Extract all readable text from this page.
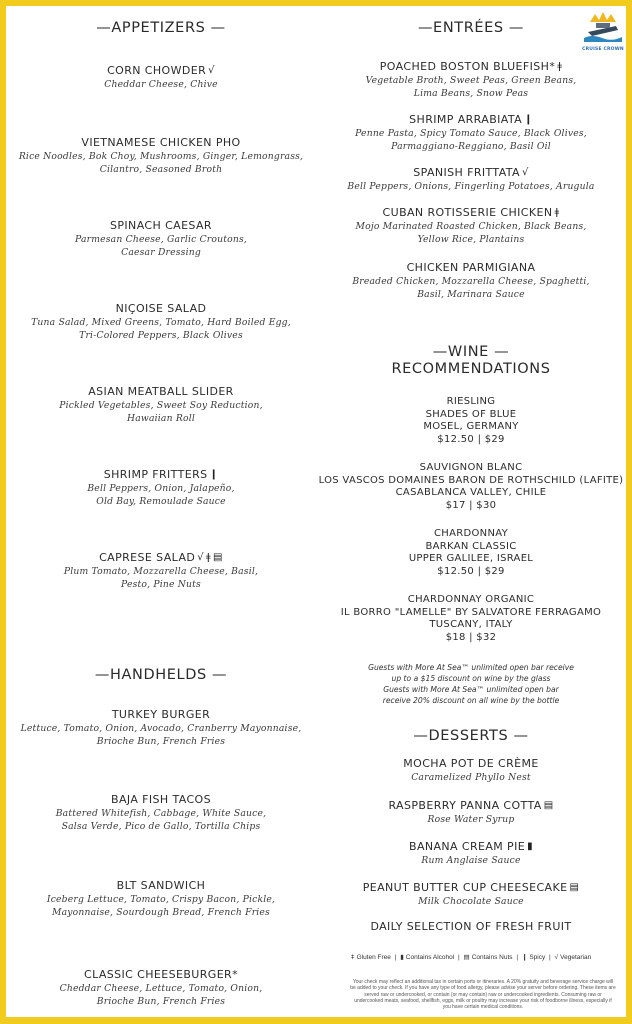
—APPETIZERS —
CORN CHOWDER √
Cheddar Cheese, Chive
VIETNAMESE CHICKEN PHO
Rice Noodles, Bok Choy, Mushrooms, Ginger, Lemongrass,
Cilantro, Seasoned Broth
SPINACH CAESAR
Parmesan Cheese, Garlic Croutons,
Caesar Dressing
NIÇOISE SALAD
Tuna Salad, Mixed Greens, Tomato, Hard Boiled Egg,
Tri-Colored Peppers, Black Olives
ASIAN MEATBALL SLIDER
Pickled Vegetables, Sweet Soy Reduction,
Hawaiian Roll
SHRIMP FRITTERS ❙
Bell Peppers, Onion, Jalapeño,
Old Bay, Remoulade Sauce
CAPRESE SALAD √ ǂ ▤
Plum Tomato, Mozzarella Cheese, Basil,
Pesto, Pine Nuts
—HANDHELDS —
TURKEY BURGER
Lettuce, Tomato, Onion, Avocado, Cranberry Mayonnaise,
Brioche Bun, French Fries
BAJA FISH TACOS
Battered Whitefish, Cabbage, White Sauce,
Salsa Verde, Pico de Gallo, Tortilla Chips
BLT SANDWICH
Iceberg Lettuce, Tomato, Crispy Bacon, Pickle,
Mayonnaise, Sourdough Bread, French Fries
CLASSIC CHEESEBURGER*
Cheddar Cheese, Lettuce, Tomato, Onion,
Brioche Bun, French Fries
—ENTRÉES —
POACHED BOSTON BLUEFISH* ǂ
Vegetable Broth, Sweet Peas, Green Beans,
Lima Beans, Snow Peas
SHRIMP ARRABIATA ❙
Penne Pasta, Spicy Tomato Sauce, Black Olives,
Parmaggiano-Reggiano, Basil Oil
SPANISH FRITTATA √
Bell Peppers, Onions, Fingerling Potatoes, Arugula
CUBAN ROTISSERIE CHICKEN ǂ
Mojo Marinated Roasted Chicken, Black Beans,
Yellow Rice, Plantains
CHICKEN PARMIGIANA
Breaded Chicken, Mozzarella Cheese, Spaghetti,
Basil, Marinara Sauce
—WINE —
RECOMMENDATIONS
RIESLING
SHADES OF BLUE
MOSEL, GERMANY
$12.50 | $29
SAUVIGNON BLANC
LOS VASCOS DOMAINES BARON DE ROTHSCHILD (LAFITE)
CASABLANCA VALLEY, CHILE
$17 | $30
CHARDONNAY
BARKAN CLASSIC
UPPER GALILEE, ISRAEL
$12.50 | $29
CHARDONNAY ORGANIC
IL BORRO "LAMELLE" BY SALVATORE FERRAGAMO
TUSCANY, ITALY
$18 | $32
Guests with More At Sea™ unlimited open bar receive
up to a $15 discount on wine by the glass
Guests with More At Sea™ unlimited open bar
receive 20% discount on all wine by the bottle
—DESSERTS —
MOCHA POT DE CRÈME
Caramelized Phyllo Nest
RASPBERRY PANNA COTTA ▤
Rose Water Syrup
BANANA CREAM PIE ▮
Rum Anglaise Sauce
PEANUT BUTTER CUP CHEESECAKE ▤
Milk Chocolate Sauce
DAILY SELECTION OF FRESH FRUIT
ǂ Gluten Free | ▮ Contains Alcohol | ▤ Contains Nuts | ❙ Spicy | √ Vegetarian
Your check may reflect an additional tax in certain ports or itineraries. A 20% gratuity and beverage service charge will be added to your check. If you have any type of food allergy, please advise your server before ordering. These items are served raw or undercooked, or contain (or may contain) raw or undercooked ingredients. Consuming raw or undercooked meats, seafood, shellfish, eggs, milk or poultry may increase your risk of foodborne illness, especially if you have certain medical conditions.
CRUISE CROWN
